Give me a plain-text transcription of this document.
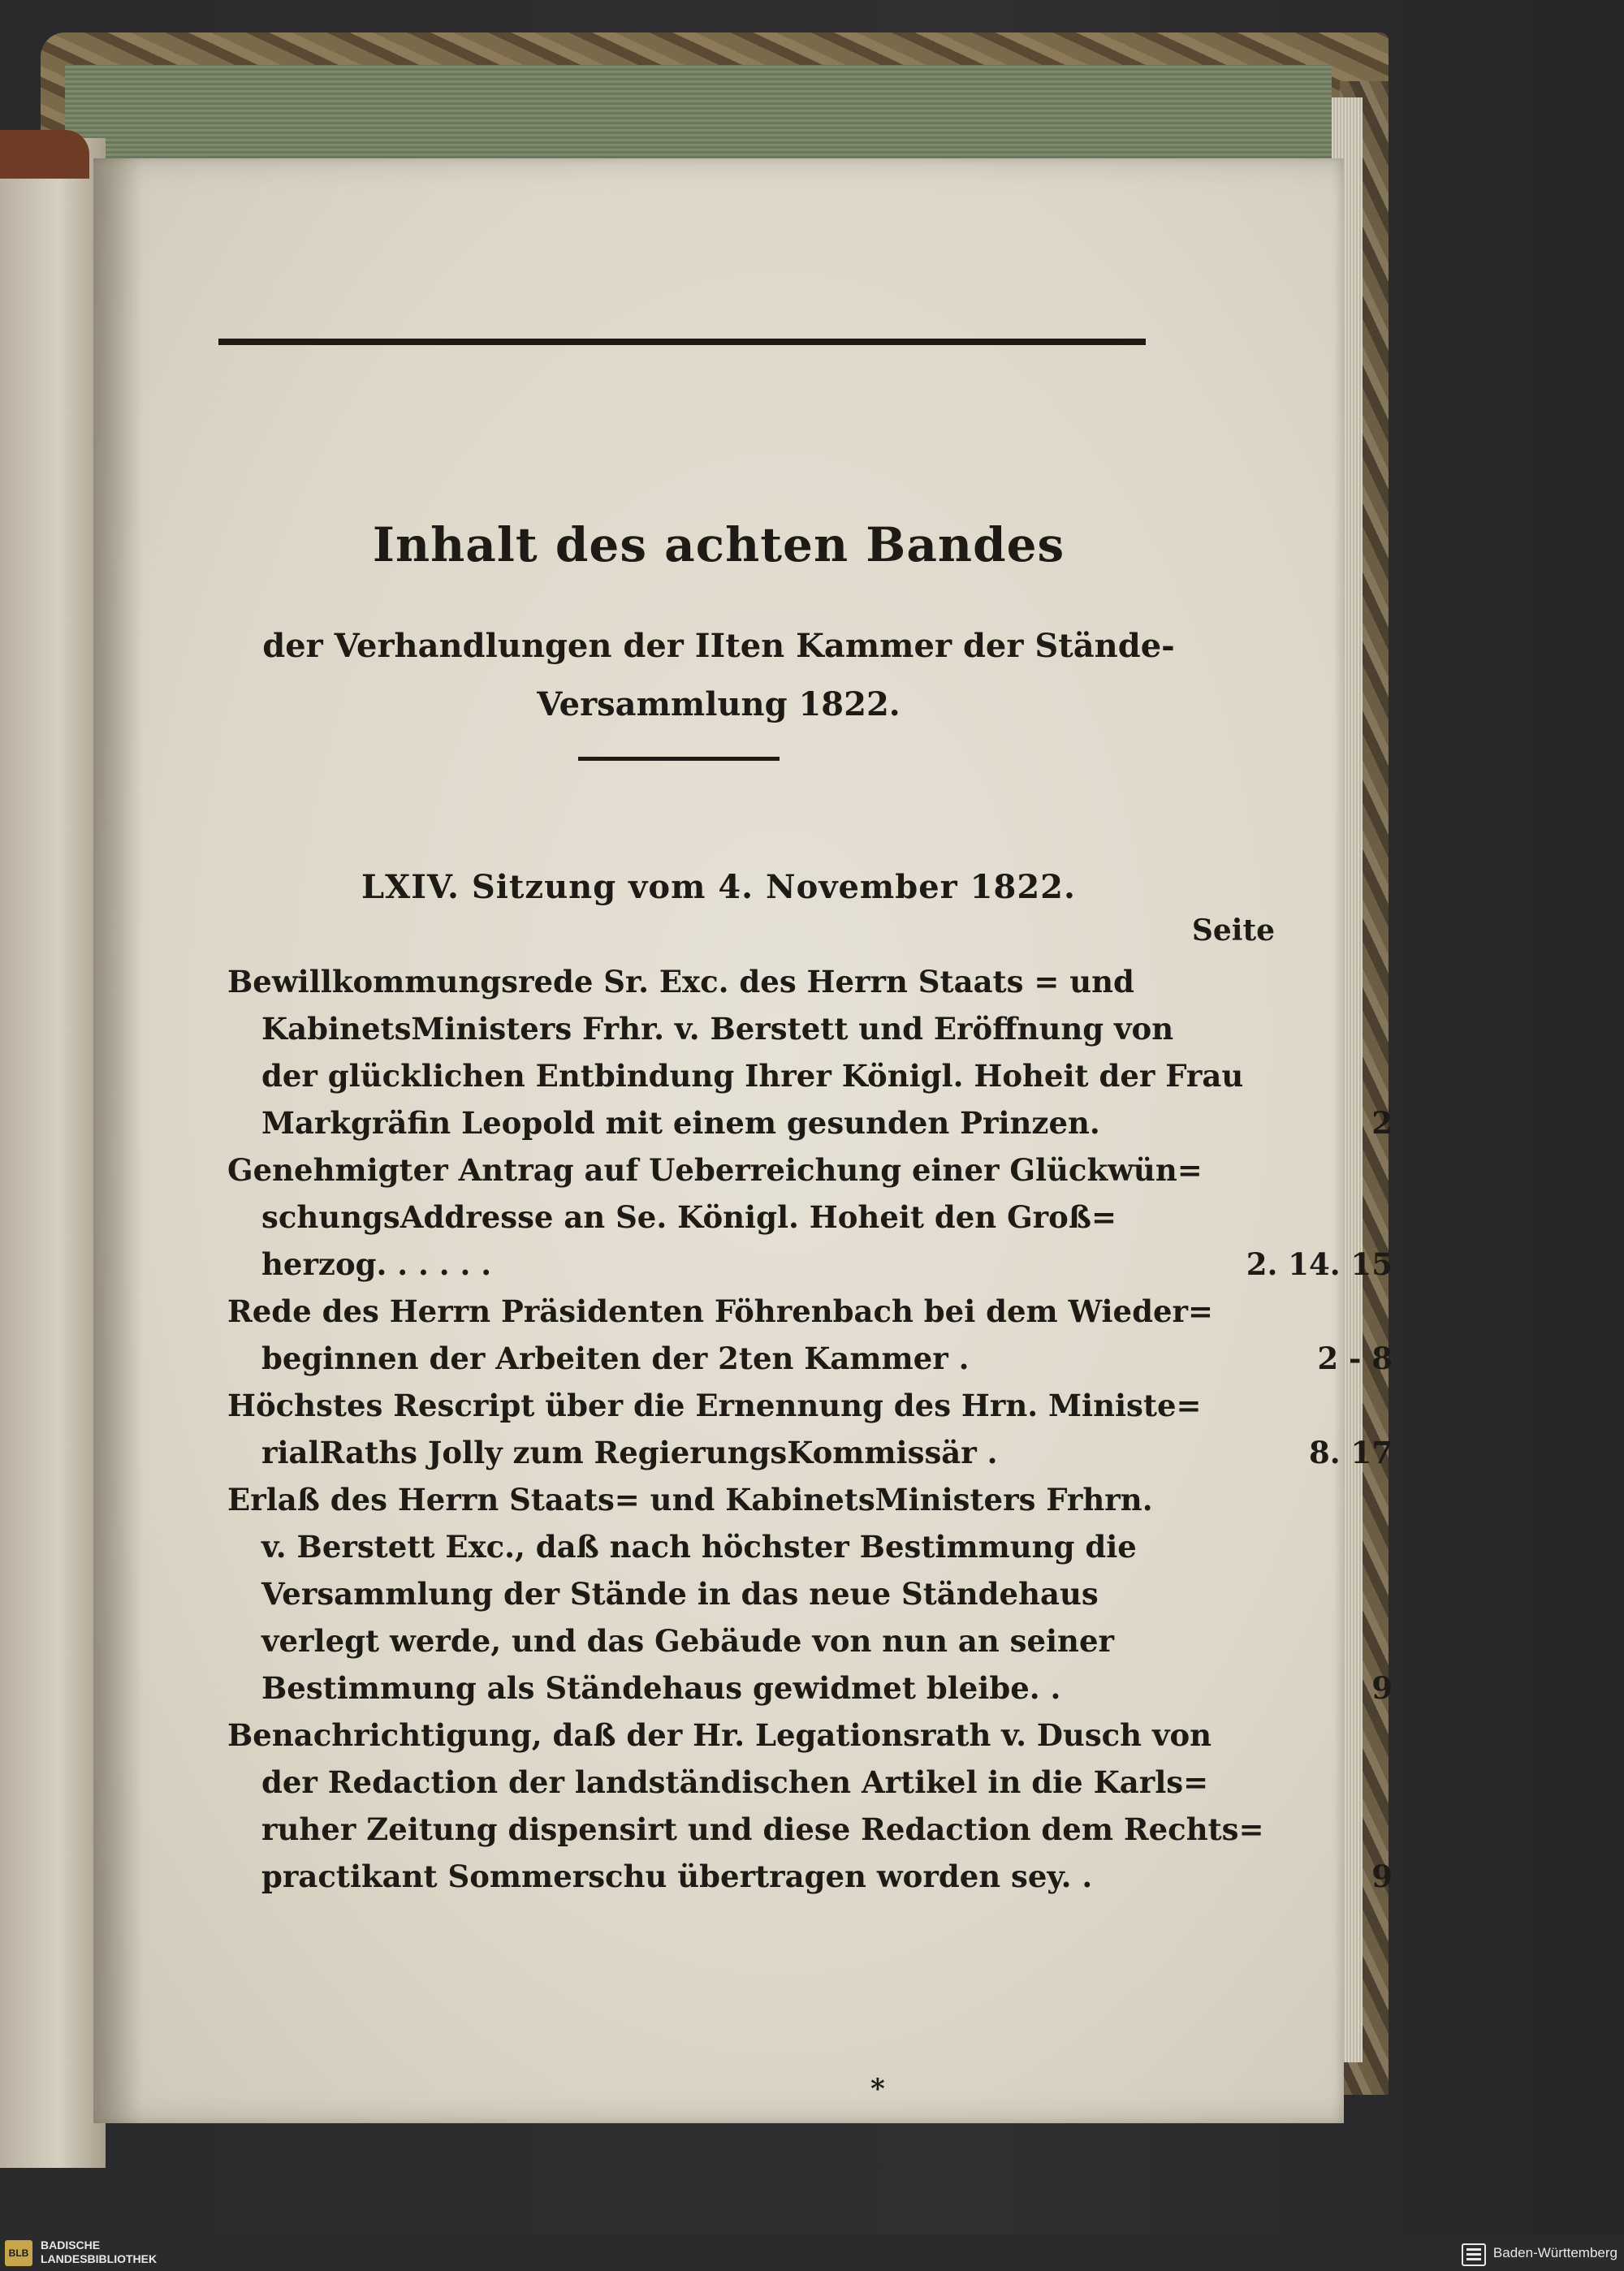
Inhalt des achten Bandes
der Verhandlungen der IIten Kammer der Stände-
Versammlung 1822.
LXIV. Sitzung vom 4. November 1822.
Seite
Bewillkommungsrede Sr. Exc. des Herrn Staats = und
KabinetsMinisters Frhr. v. Berstett und Eröffnung von
der glücklichen Entbindung Ihrer Königl. Hoheit der Frau
Markgräfin Leopold mit einem gesunden Prinzen.	2
Genehmigter Antrag auf Ueberreichung einer Glückwün=
schungsAddresse an Se. Königl. Hoheit den Groß=
herzog. . . . . .	2. 14. 15
Rede des Herrn Präsidenten Föhrenbach bei dem Wieder=
beginnen der Arbeiten der 2ten Kammer .	2 - 8
Höchstes Rescript über die Ernennung des Hrn. Ministe=
rialRaths Jolly zum RegierungsKommissär .	8. 17
Erlaß des Herrn Staats= und KabinetsMinisters Frhrn.
v. Berstett Exc., daß nach höchster Bestimmung die
Versammlung der Stände in das neue Ständehaus
verlegt werde, und das Gebäude von nun an seiner
Bestimmung als Ständehaus gewidmet bleibe. .	9
Benachrichtigung, daß der Hr. Legationsrath v. Dusch von
der Redaction der landständischen Artikel in die Karls=
ruher Zeitung dispensirt und diese Redaction dem Rechts=
practikant Sommerschu übertragen worden sey. .	9
*
BLB
BADISCHE
LANDESBIBLIOTHEK	Baden-Württemberg
